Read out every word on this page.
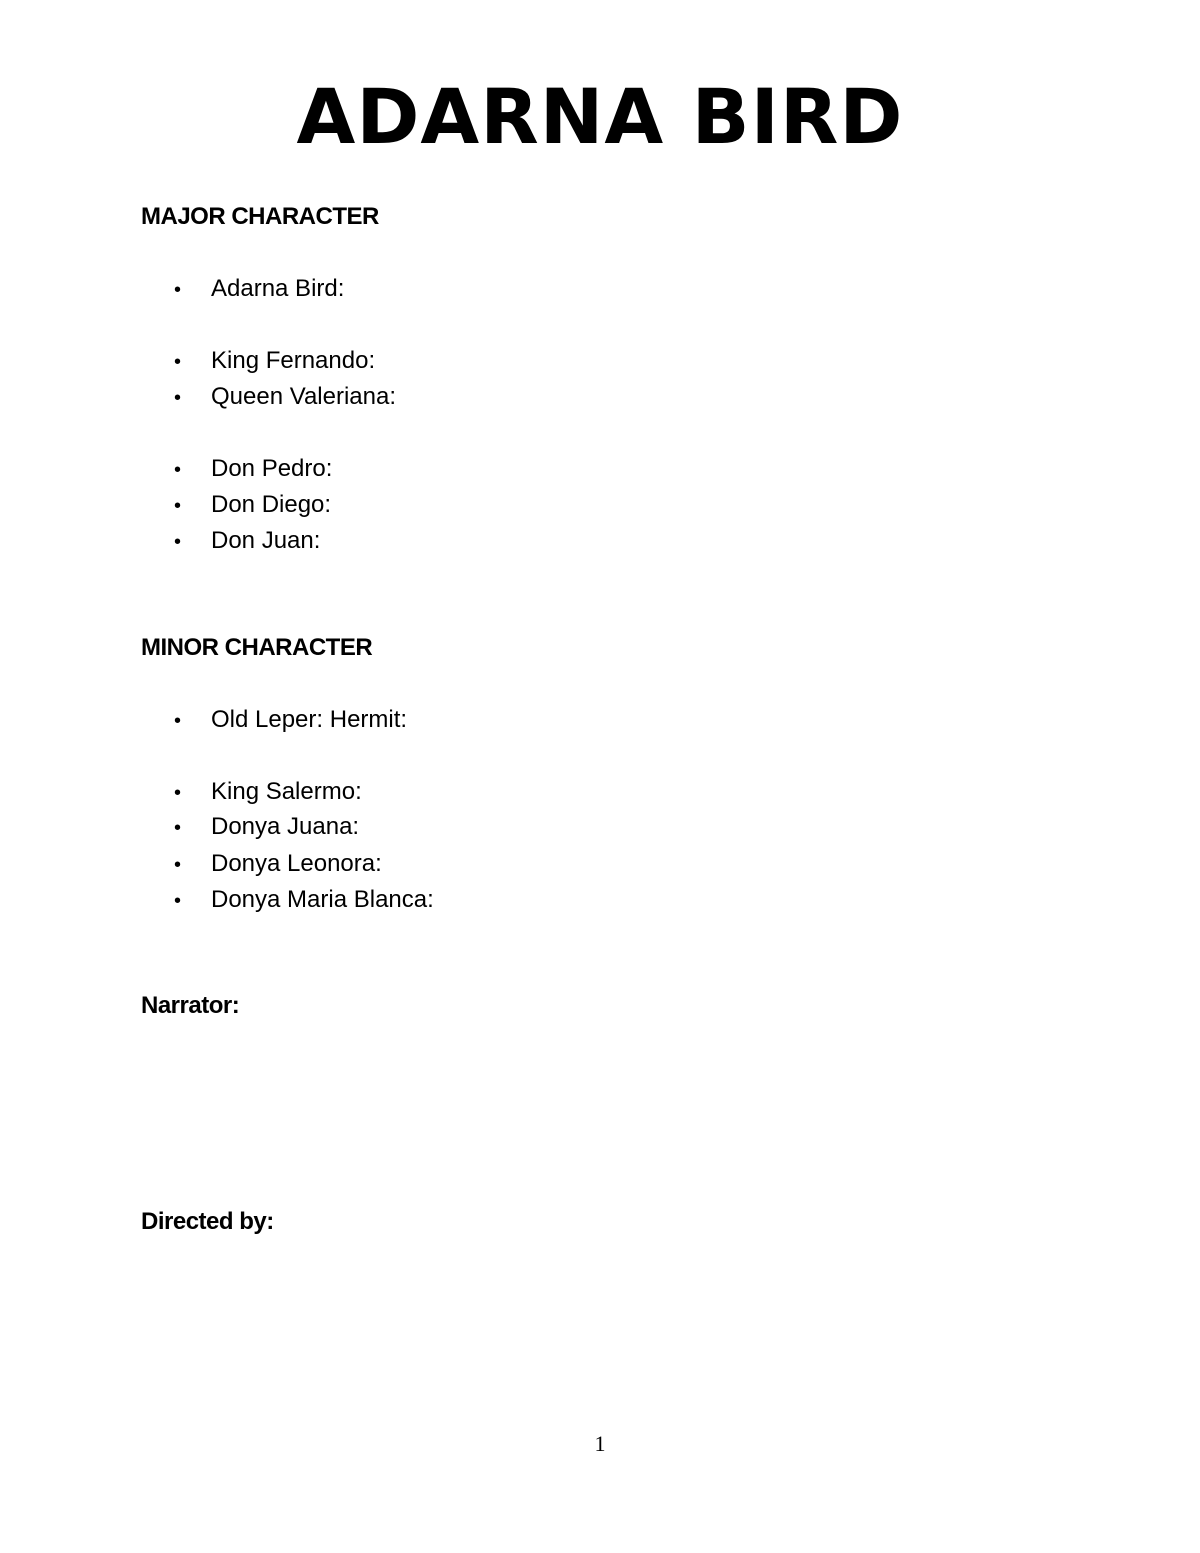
ADARNA BIRD
MAJOR CHARACTER
• Adarna Bird:
• King Fernando:
• Queen Valeriana:
• Don Pedro:
• Don Diego:
• Don Juan:
MINOR CHARACTER
• Old Leper: Hermit:
• King Salermo:
• Donya Juana:
• Donya Leonora:
• Donya Maria Blanca:
Narrator:
Directed by:
1
